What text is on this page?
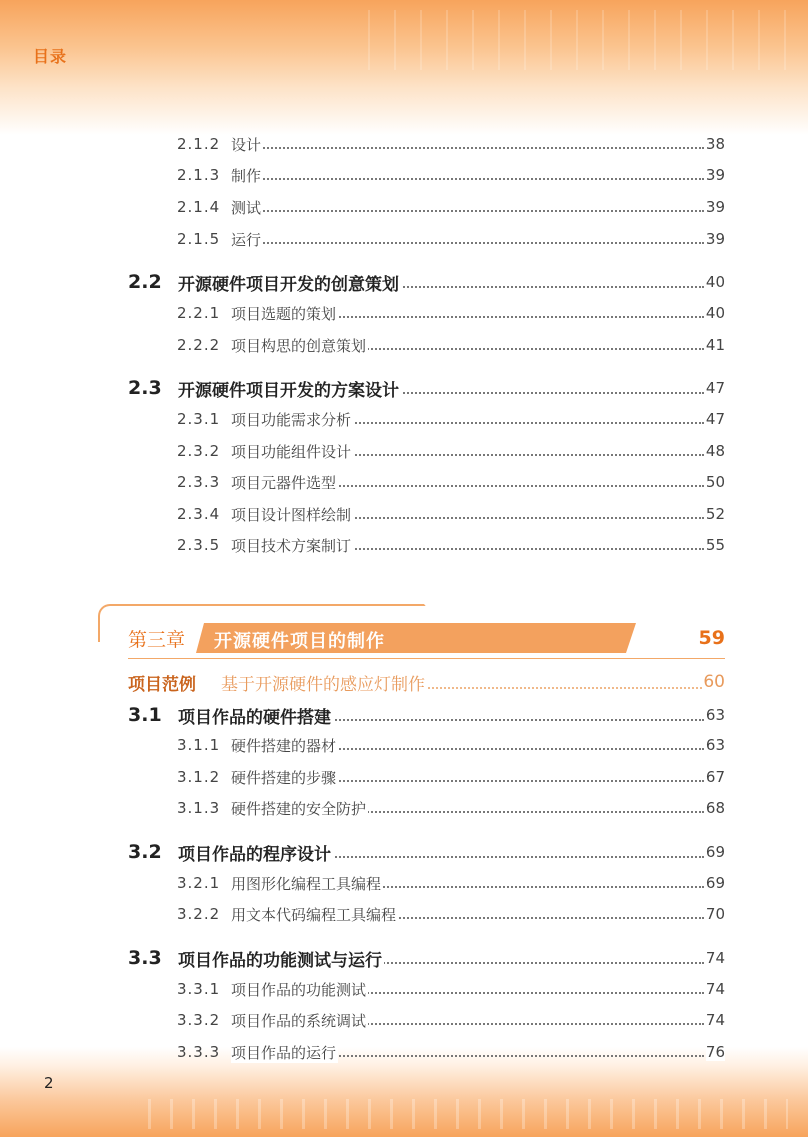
目录
2.1.2 设计	38
2.1.3 制作	39
2.1.4 测试	39
2.1.5 运行	39
2.2 开源硬件项目开发的创意策划	40
2.2.1 项目选题的策划	40
2.2.2 项目构思的创意策划	41
2.3 开源硬件项目开发的方案设计	47
2.3.1 项目功能需求分析	47
2.3.2 项目功能组件设计	48
2.3.3 项目元器件选型	50
2.3.4 项目设计图样绘制	52
2.3.5 项目技术方案制订	55
第三章 开源硬件项目的制作	59
项目范例 基于开源硬件的感应灯制作	60
3.1 项目作品的硬件搭建	63
3.1.1 硬件搭建的器材	63
3.1.2 硬件搭建的步骤	67
3.1.3 硬件搭建的安全防护	68
3.2 项目作品的程序设计	69
3.2.1 用图形化编程工具编程	69
3.2.2 用文本代码编程工具编程	70
3.3 项目作品的功能测试与运行	74
3.3.1 项目作品的功能测试	74
3.3.2 项目作品的系统调试	74
3.3.3 项目作品的运行	76
2
